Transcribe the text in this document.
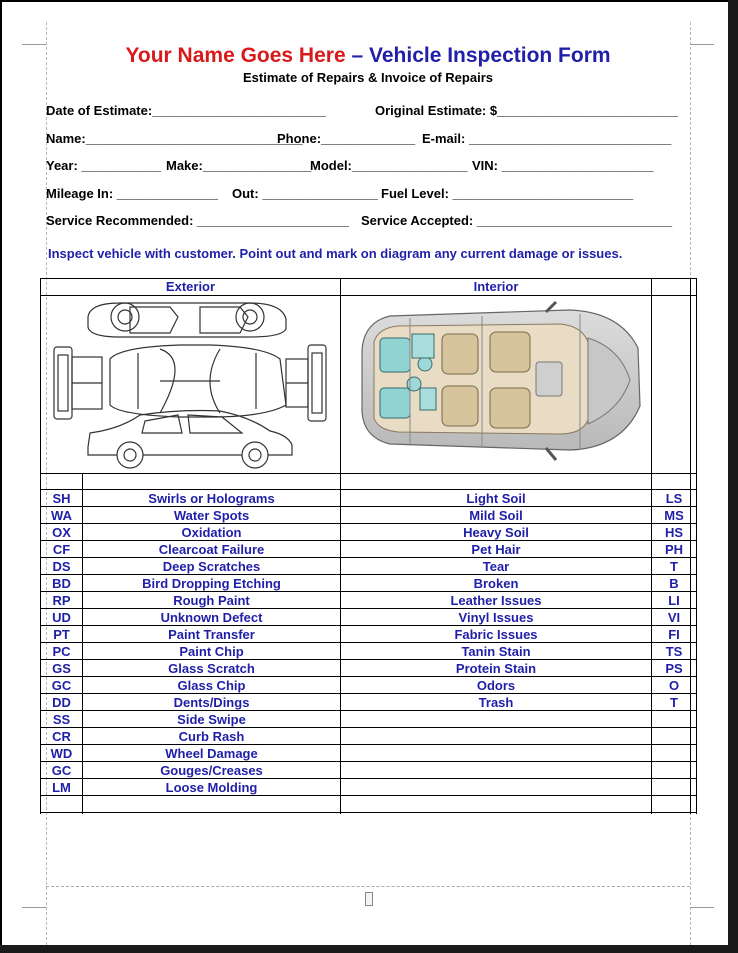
Your Name Goes Here – Vehicle Inspection Form
Estimate of Repairs & Invoice of Repairs
Date of Estimate:________________________	Original Estimate: $_________________________
Name:______________________________
Phone:_____________ E-mail: ____________________________
Year: ___________ Make:_______________
Model:________________ VIN: _____________________
Mileage In: ______________ Out: ________________ Fuel Level: _________________________
Service Recommended: _____________________ Service Accepted: ___________________________
Inspect vehicle with customer. Point out and mark on diagram any current damage or issues.
Exterior	Interior
SH	Swirls or Holograms	Light Soil	LS
WA	Water Spots	Mild Soil	MS
OX	Oxidation	Heavy Soil	HS
CF	Clearcoat Failure	Pet Hair	PH
DS	Deep Scratches	Tear	T
BD	Bird Dropping Etching	Broken	B
RP	Rough Paint	Leather Issues	LI
UD	Unknown Defect	Vinyl Issues	VI
PT	Paint Transfer	Fabric Issues	FI
PC	Paint Chip	Tanin Stain	TS
GS	Glass Scratch	Protein Stain	PS
GC	Glass Chip	Odors	O
DD	Dents/Dings	Trash	T
SS	Side Swipe
CR	Curb Rash
WD	Wheel Damage
GC	Gouges/Creases
LM	Loose Molding
